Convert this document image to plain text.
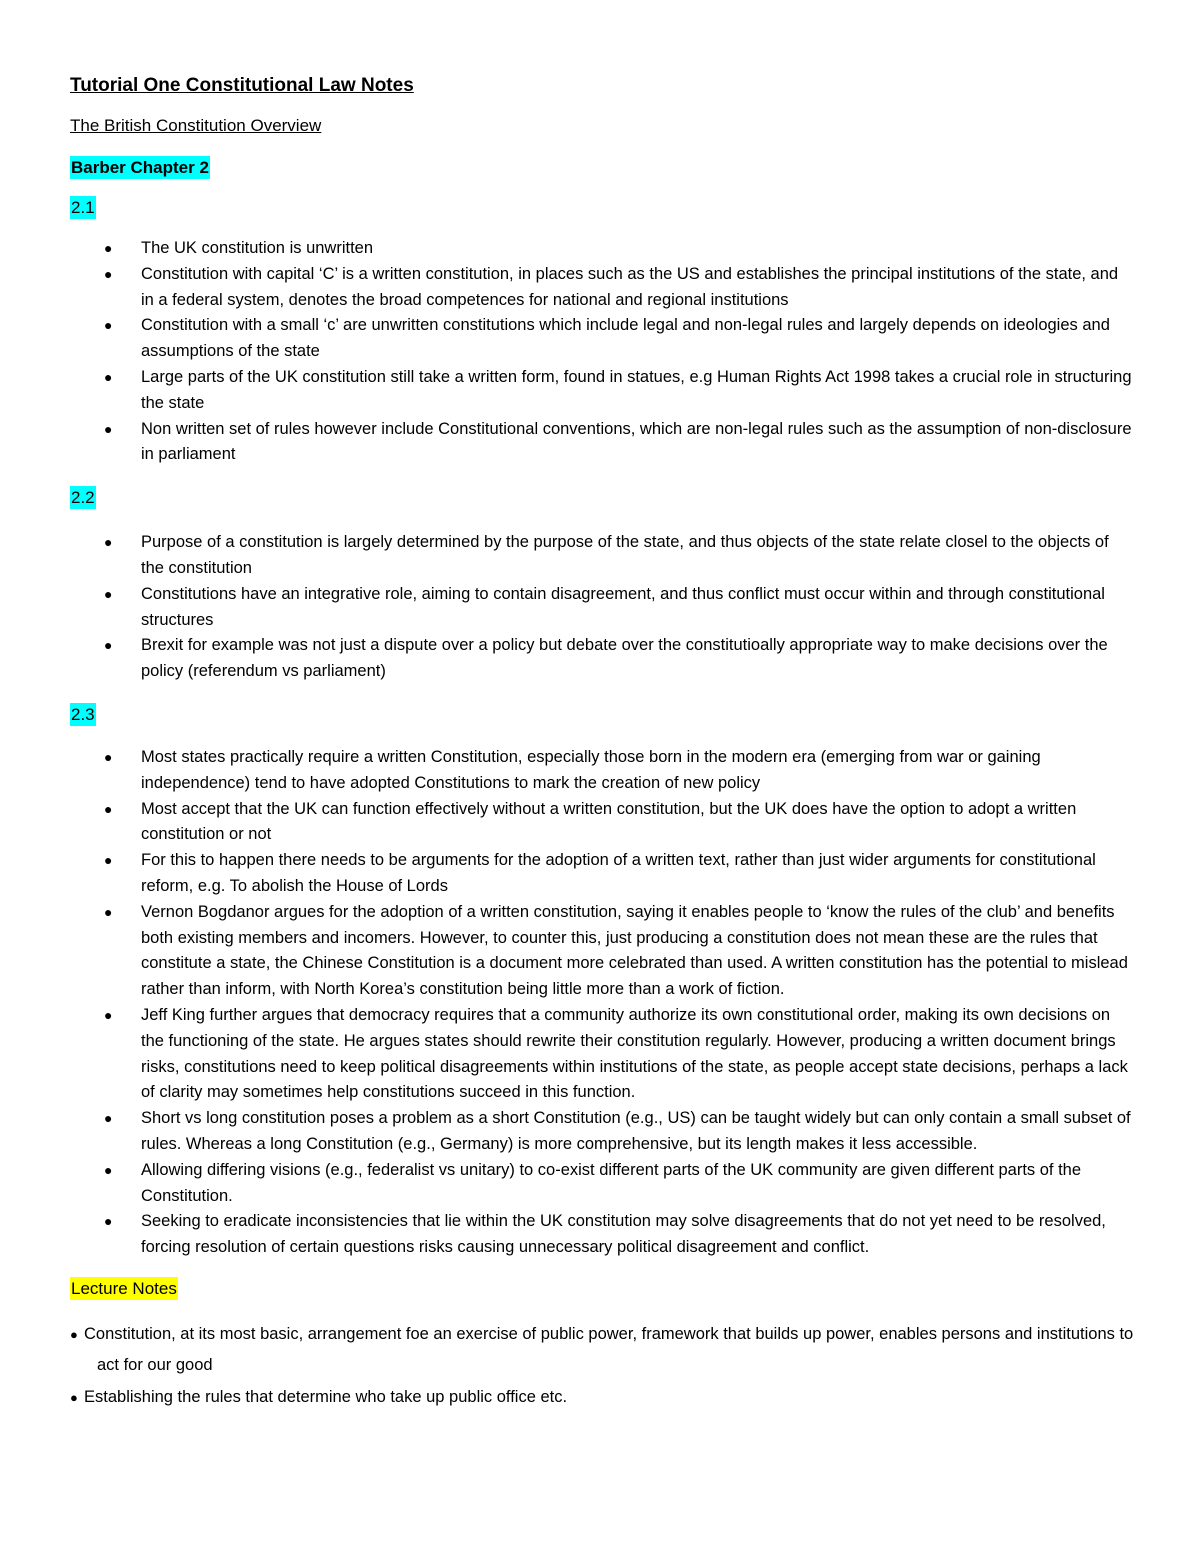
Tutorial One Constitutional Law Notes
The British Constitution Overview
Barber Chapter 2
2.1
● The UK constitution is unwritten
● Constitution with capital ‘C’ is a written constitution, in places such as the US and establishes the principal institutions of the state, and in a federal system, denotes the broad competences for national and regional institutions
● Constitution with a small ‘c’ are unwritten constitutions which include legal and non-legal rules and largely depends on ideologies and assumptions of the state
● Large parts of the UK constitution still take a written form, found in statues, e.g Human Rights Act 1998 takes a crucial role in structuring the state
● Non written set of rules however include Constitutional conventions, which are non-legal rules such as the assumption of non-disclosure in parliament
2.2
● Purpose of a constitution is largely determined by the purpose of the state, and thus objects of the state relate closel to the objects of the constitution
● Constitutions have an integrative role, aiming to contain disagreement, and thus conflict must occur within and through constitutional structures
● Brexit for example was not just a dispute over a policy but debate over the constitutioally appropriate way to make decisions over the policy (referendum vs parliament)
2.3
● Most states practically require a written Constitution, especially those born in the modern era (emerging from war or gaining independence) tend to have adopted Constitutions to mark the creation of new policy
● Most accept that the UK can function effectively without a written constitution, but the UK does have the option to adopt a written constitution or not
● For this to happen there needs to be arguments for the adoption of a written text, rather than just wider arguments for constitutional reform, e.g. To abolish the House of Lords
● Vernon Bogdanor argues for the adoption of a written constitution, saying it enables people to ‘know the rules of the club’ and benefits both existing members and incomers. However, to counter this, just producing a constitution does not mean these are the rules that constitute a state, the Chinese Constitution is a document more celebrated than used. A written constitution has the potential to mislead rather than inform, with North Korea’s constitution being little more than a work of fiction.
● Jeff King further argues that democracy requires that a community authorize its own constitutional order, making its own decisions on the functioning of the state. He argues states should rewrite their constitution regularly. However, producing a written document brings risks, constitutions need to keep political disagreements within institutions of the state, as people accept state decisions, perhaps a lack of clarity may sometimes help constitutions succeed in this function.
● Short vs long constitution poses a problem as a short Constitution (e.g., US) can be taught widely but can only contain a small subset of rules. Whereas a long Constitution (e.g., Germany) is more comprehensive, but its length makes it less accessible.
● Allowing differing visions (e.g., federalist vs unitary) to co-exist different parts of the UK community are given different parts of the Constitution.
● Seeking to eradicate inconsistencies that lie within the UK constitution may solve disagreements that do not yet need to be resolved, forcing resolution of certain questions risks causing unnecessary political disagreement and conflict.
Lecture Notes
● Constitution, at its most basic, arrangement foe an exercise of public power, framework that builds up power, enables persons and institutions to act for our good
● Establishing the rules that determine who take up public office etc.
